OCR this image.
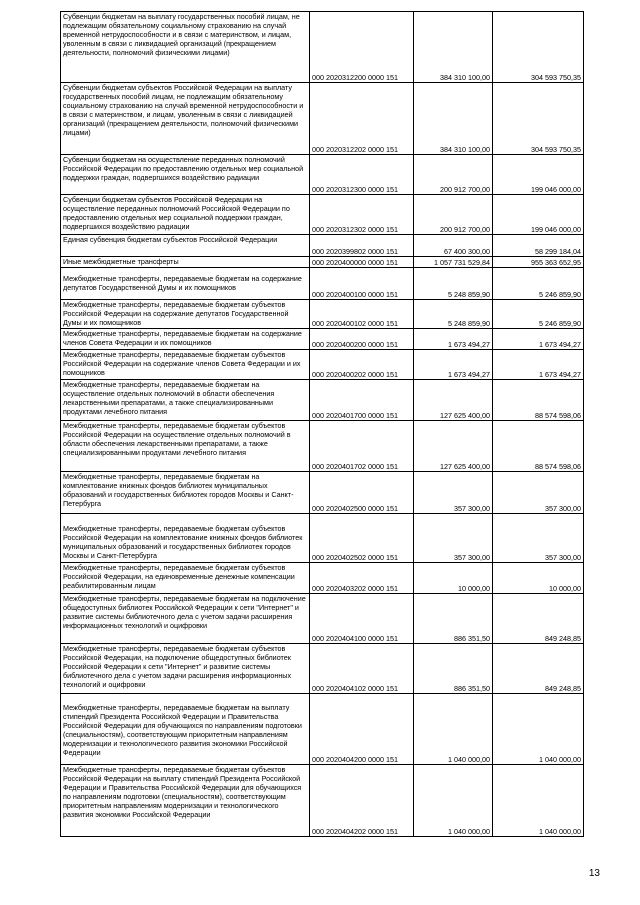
Субвенции бюджетам на выплату государственных пособий лицам, не подлежащим обязательному социальному страхованию на случай временной нетрудоспособности и в связи с материнством, и лицам, уволенным в связи с ликвидацией организаций (прекращением деятельности, полномочий физическими лицами)	000 2020312200 0000 151	384 310 100,00	304 593 750,35
Субвенции бюджетам субъектов Российской Федерации на выплату государственных пособий лицам, не подлежащим обязательному социальному страхованию на случай временной нетрудоспособности и в связи с материнством, и лицам, уволенным в связи с ликвидацией организаций (прекращением деятельности, полномочий физическими лицами)	000 2020312202 0000 151	384 310 100,00	304 593 750,35
Субвенции бюджетам на осуществление переданных полномочий Российской Федерации по предоставлению отдельных мер социальной поддержки граждан, подвергшихся воздействию радиации	000 2020312300 0000 151	200 912 700,00	199 046 000,00
Субвенции бюджетам субъектов Российской Федерации на осуществление переданных полномочий Российской Федерации по предоставлению отдельных мер социальной поддержки граждан, подвергшихся воздействию радиации	000 2020312302 0000 151	200 912 700,00	199 046 000,00
Единая субвенция бюджетам субъектов Российской Федерации	000 2020399802 0000 151	67 400 300,00	58 299 184,04
Иные межбюджетные трансферты	000 2020400000 0000 151	1 057 731 529,84	955 363 652,95
Межбюджетные трансферты, передаваемые бюджетам на содержание депутатов Государственной Думы и их помощников	000 2020400100 0000 151	5 248 859,90	5 246 859,90
Межбюджетные трансферты, передаваемые бюджетам субъектов Российской Федерации на содержание депутатов Государственной Думы и их помощников	000 2020400102 0000 151	5 248 859,90	5 246 859,90
Межбюджетные трансферты, передаваемые бюджетам на содержание членов Совета Федерации и их помощников	000 2020400200 0000 151	1 673 494,27	1 673 494,27
Межбюджетные трансферты, передаваемые бюджетам субъектов Российской Федерации на содержание членов Совета Федерации и их помощников	000 2020400202 0000 151	1 673 494,27	1 673 494,27
Межбюджетные трансферты, передаваемые бюджетам на осуществление отдельных полномочий в области обеспечения лекарственными препаратами, а также специализированными продуктами лечебного питания	000 2020401700 0000 151	127 625 400,00	88 574 598,06
Межбюджетные трансферты, передаваемые бюджетам субъектов Российской Федерации на осуществление отдельных полномочий в области обеспечения лекарственными препаратами, а также специализированными продуктами лечебного питания	000 2020401702 0000 151	127 625 400,00	88 574 598,06
Межбюджетные трансферты, передаваемые бюджетам на комплектование книжных фондов библиотек муниципальных образований и государственных библиотек городов Москвы и Санкт-Петербурга	000 2020402500 0000 151	357 300,00	357 300,00
Межбюджетные трансферты, передаваемые бюджетам субъектов Российской Федерации на комплектование книжных фондов библиотек муниципальных образований и государственных библиотек городов Москвы и Санкт-Петербурга	000 2020402502 0000 151	357 300,00	357 300,00
Межбюджетные трансферты, передаваемые бюджетам субъектов Российской Федерации, на единовременные денежные компенсации реабилитированным лицам	000 2020403202 0000 151	10 000,00	10 000,00
Межбюджетные трансферты, передаваемые бюджетам на подключение общедоступных библиотек Российской Федерации к сети "Интернет" и развитие системы библиотечного дела с учетом задачи расширения информационных технологий и оцифровки	000 2020404100 0000 151	886 351,50	849 248,85
Межбюджетные трансферты, передаваемые бюджетам субъектов Российской Федерации, на подключение общедоступных библиотек Российской Федерации к сети "Интернет" и развитие системы библиотечного дела с учетом задачи расширения информационных технологий и оцифровки	000 2020404102 0000 151	886 351,50	849 248,85
Межбюджетные трансферты, передаваемые бюджетам на выплату стипендий Президента Российской Федерации и Правительства Российской Федерации для обучающихся по направлениям подготовки (специальностям), соответствующим приоритетным направлениям модернизации и технологического развития экономики Российской Федерации	000 2020404200 0000 151	1 040 000,00	1 040 000,00
Межбюджетные трансферты, передаваемые бюджетам субъектов Российской Федерации на выплату стипендий Президента Российской Федерации и Правительства Российской Федерации для обучающихся по направлениям подготовки (специальностям), соответствующим приоритетным направлениям модернизации и технологического развития экономики Российской Федерации	000 2020404202 0000 151	1 040 000,00	1 040 000,00
13
